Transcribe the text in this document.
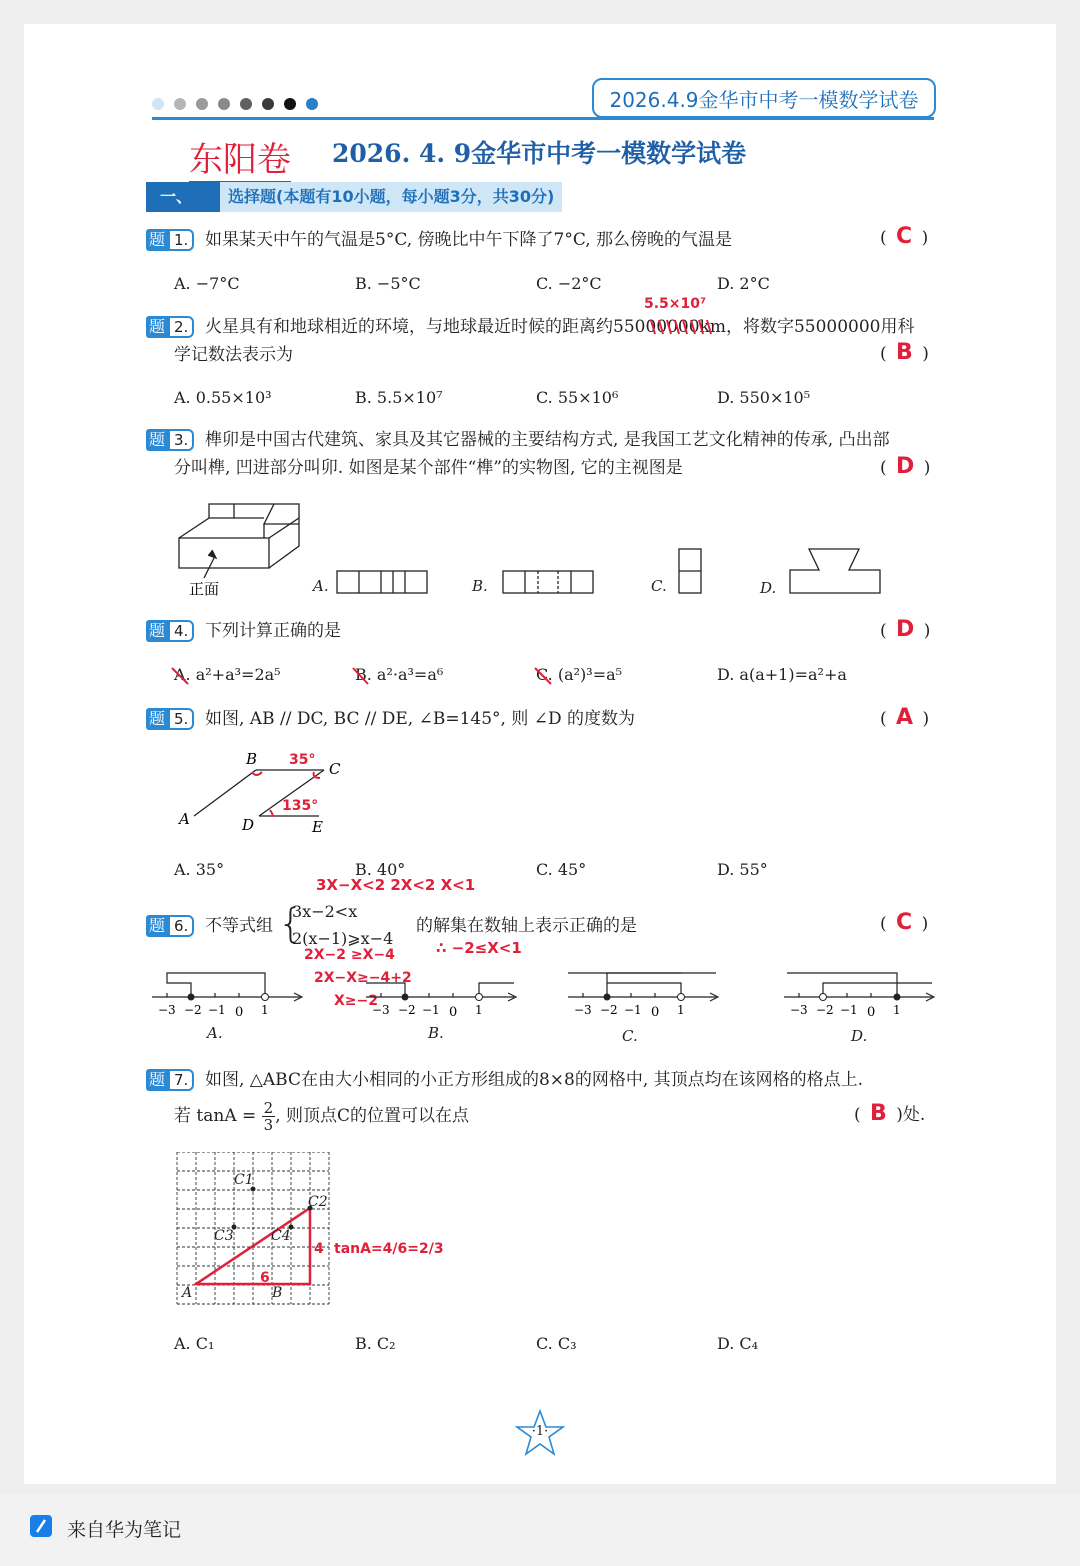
2026.4.9金华市中考一模数学试卷
东阳卷 2026. 4. 9金华市中考一模数学试卷
一、	选择题(本题有10小题，每小题3分，共30分)
题 1. 如果某天中午的气温是5°C, 傍晚比中午下降了7°C, 那么傍晚的气温是	( C )
A. −7°C	B. −5°C	C. −2°C	D. 2°C
题 2. 火星具有和地球相近的环境，与地球最近时候的距离约55000000km，将数字55000000用科
学记数法表示为	( B )
5.5×10⁷
A. 0.55×10³	B. 5.5×10⁷	C. 55×10⁶	D. 550×10⁵
题 3. 榫卯是中国古代建筑、家具及其它器械的主要结构方式, 是我国工艺文化精神的传承, 凸出部
分叫榫, 凹进部分叫卯. 如图是某个部件“榫”的实物图, 它的主视图是	( D )
正面	A.	B.	C.	D.
题 4. 下列计算正确的是	( D )
A. a²+a³=2a⁵	B. a²·a³=a⁶	C. (a²)³=a⁵	D. a(a+1)=a²+a
题 5. 如图, AB // DC, BC // DE, ∠B=145°, 则 ∠D 的度数为	( A )
A
B
C
D	E
35°
135°
A. 35°	B. 40°	C. 45°	D. 55°
题 6. 不等式组 {
3x−2<x
2(x−1)⩾x−4
的解集在数轴上表示正确的是	( C )
3X−X<2 2X<2 X<1
2X−2 ≥X−4
2X−X≥−4+2
X≥−2
∴ −2≤X<1
−3 −2 −1 0 1
A.
−3 −2 −1 0 1
B.
−3 −2 −1 0 1
C.
−3 −2 −1 0 1
D.
题 7. 如图, △ABC在由大小相同的小正方形组成的8×8的网格中, 其顶点均在该网格的格点上.
若 $\tan A = \frac{2}{3}$ , 则顶点C的位置可以在点	( B )处.
C1
C2
C3	C4
A	B
4
6
tanA=4/6=2/3
A. C₁	B. C₂	C. C₃	D. C₄
·1·
来自华为笔记
